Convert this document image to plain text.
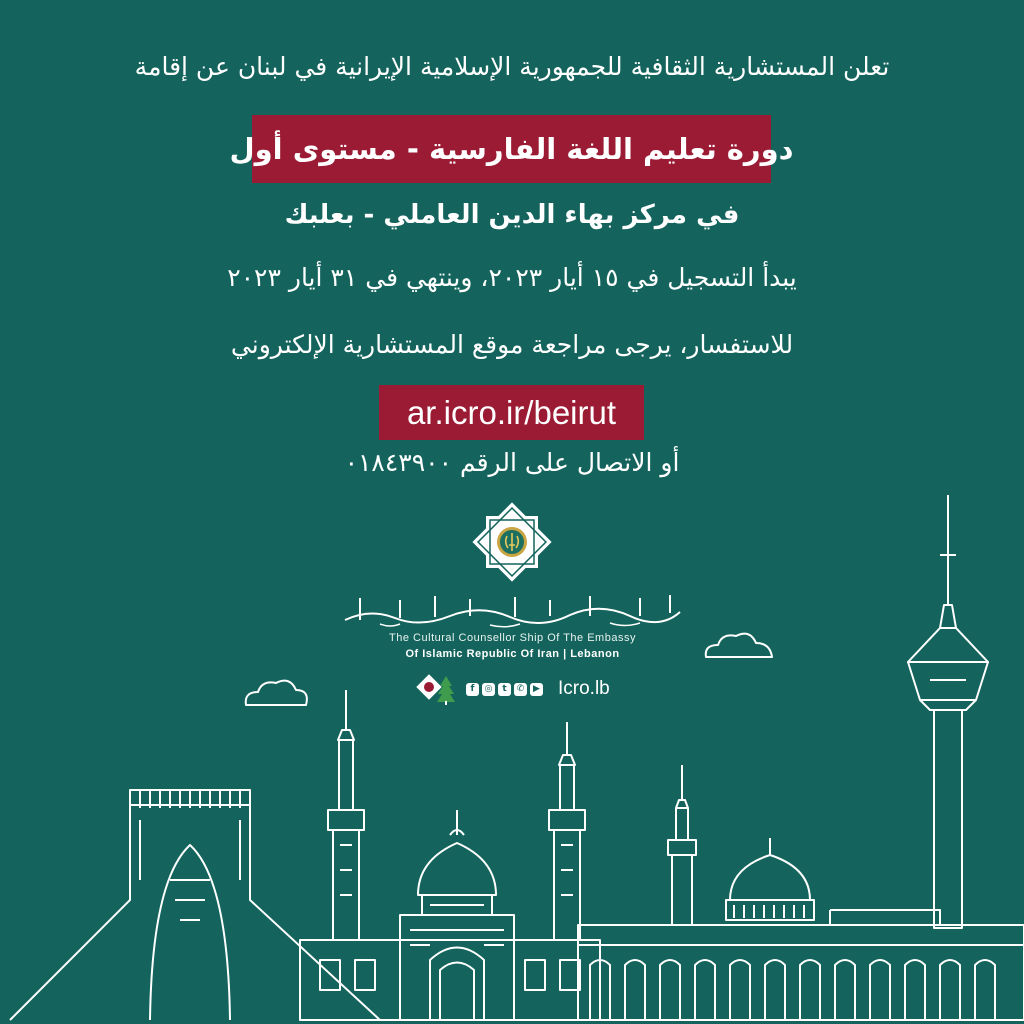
تعلن المستشارية الثقافية للجمهورية الإسلامية الإيرانية في لبنان عن إقامة
دورة تعليم اللغة الفارسية - مستوى أول
في مركز بهاء الدين العاملي - بعلبك
يبدأ التسجيل في ١٥ أيار ٢٠٢٣، وينتهي في ٣١ أيار ٢٠٢٣
للاستفسار، يرجى مراجعة موقع المستشارية الإلكتروني
ar.icro.ir/beirut
أو الاتصال على الرقم ٠١٨٤٣٩٠٠
The Cultural Counsellor Ship Of The Embassy
Of Islamic Republic Of Iran | Lebanon
f	◎	t	✆ ▶ Icro.lb
